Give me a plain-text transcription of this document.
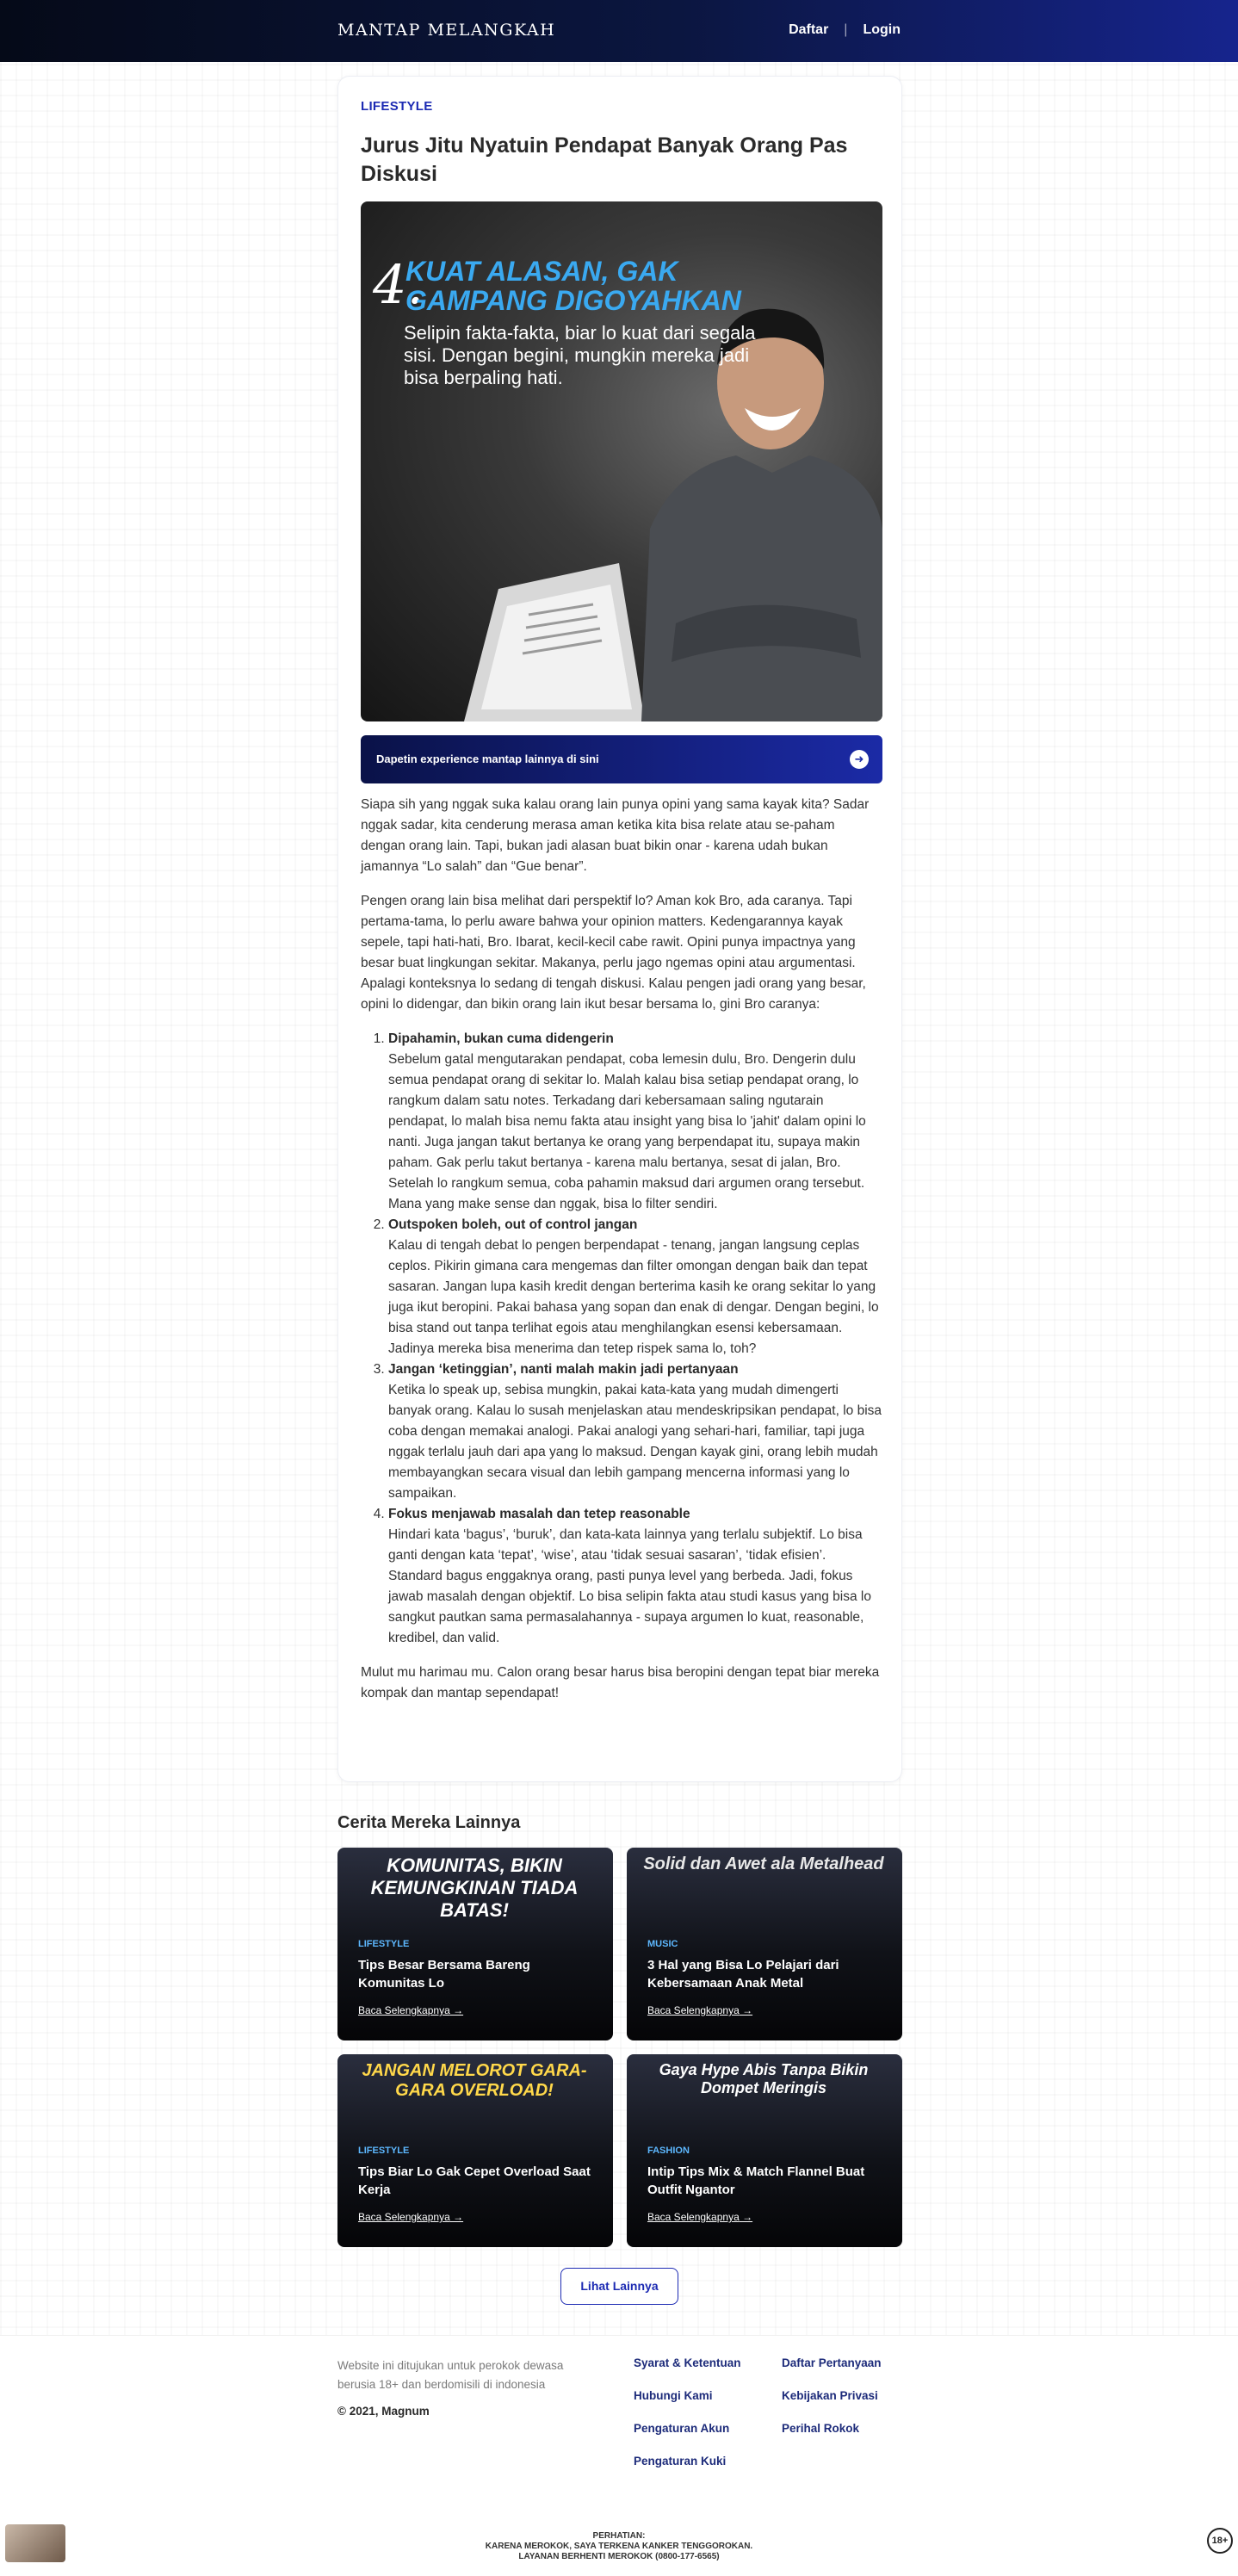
MANTAP MELANGKAH	Daftar | Login
LIFESTYLE
Jurus Jitu Nyatuin Pendapat Banyak Orang Pas Diskusi
4.
KUAT ALASAN, GAK GAMPANG DIGOYAHKAN
Selipin fakta-fakta, biar lo kuat dari segala sisi. Dengan begini, mungkin mereka jadi bisa berpaling hati.
Dapetin experience mantap lainnya di sini	➜

Siapa sih yang nggak suka kalau orang lain punya opini yang sama kayak kita? Sadar nggak sadar, kita cenderung merasa aman ketika kita bisa relate atau se-paham dengan orang lain. Tapi, bukan jadi alasan buat bikin onar - karena udah bukan jamannya “Lo salah” dan “Gue benar”.

Pengen orang lain bisa melihat dari perspektif lo? Aman kok Bro, ada caranya. Tapi pertama-tama, lo perlu aware bahwa your opinion matters. Kedengarannya kayak sepele, tapi hati-hati, Bro. Ibarat, kecil-kecil cabe rawit. Opini punya impactnya yang besar buat lingkungan sekitar. Makanya, perlu jago ngemas opini atau argumentasi. Apalagi konteksnya lo sedang di tengah diskusi. Kalau pengen jadi orang yang besar, opini lo didengar, dan bikin orang lain ikut besar bersama lo, gini Bro caranya:

1. Dipahamin, bukan cuma didengerin
Sebelum gatal mengutarakan pendapat, coba lemesin dulu, Bro. Dengerin dulu semua pendapat orang di sekitar lo. Malah kalau bisa setiap pendapat orang, lo rangkum dalam satu notes. Terkadang dari kebersamaan saling ngutarain pendapat, lo malah bisa nemu fakta atau insight yang bisa lo 'jahit' dalam opini lo nanti. Juga jangan takut bertanya ke orang yang berpendapat itu, supaya makin paham. Gak perlu takut bertanya - karena malu bertanya, sesat di jalan, Bro. Setelah lo rangkum semua, coba pahamin maksud dari argumen orang tersebut. Mana yang make sense dan nggak, bisa lo filter sendiri.
2. Outspoken boleh, out of control jangan
Kalau di tengah debat lo pengen berpendapat - tenang, jangan langsung ceplas ceplos. Pikirin gimana cara mengemas dan filter omongan dengan baik dan tepat sasaran. Jangan lupa kasih kredit dengan berterima kasih ke orang sekitar lo yang juga ikut beropini. Pakai bahasa yang sopan dan enak di dengar. Dengan begini, lo bisa stand out tanpa terlihat egois atau menghilangkan esensi kebersamaan. Jadinya mereka bisa menerima dan tetep rispek sama lo, toh?
3. Jangan ‘ketinggian’, nanti malah makin jadi pertanyaan
Ketika lo speak up, sebisa mungkin, pakai kata-kata yang mudah dimengerti banyak orang. Kalau lo susah menjelaskan atau mendeskripsikan pendapat, lo bisa coba dengan memakai analogi. Pakai analogi yang sehari-hari, familiar, tapi juga nggak terlalu jauh dari apa yang lo maksud. Dengan kayak gini, orang lebih mudah membayangkan secara visual dan lebih gampang mencerna informasi yang lo sampaikan.
4. Fokus menjawab masalah dan tetep reasonable
Hindari kata ‘bagus’, ‘buruk’, dan kata-kata lainnya yang terlalu subjektif. Lo bisa ganti dengan kata ‘tepat’, ‘wise’, atau ‘tidak sesuai sasaran’, ‘tidak efisien’. Standard bagus enggaknya orang, pasti punya level yang berbeda. Jadi, fokus jawab masalah dengan objektif. Lo bisa selipin fakta atau studi kasus yang bisa lo sangkut pautkan sama permasalahannya - supaya argumen lo kuat, reasonable, kredibel, dan valid.

Mulut mu harimau mu. Calon orang besar harus bisa beropini dengan tepat biar mereka kompak dan mantap sependapat!

Cerita Mereka Lainnya
KOMUNITAS, BIKIN KEMUNGKINAN TIADA BATAS!
LIFESTYLE
Tips Besar Bersama Bareng Komunitas Lo
Baca Selengkapnya →
Solid dan Awet ala Metalhead
MUSIC
3 Hal yang Bisa Lo Pelajari dari Kebersamaan Anak Metal
Baca Selengkapnya →
JANGAN MELOROT GARA-GARA OVERLOAD!
LIFESTYLE
Tips Biar Lo Gak Cepet Overload Saat Kerja
Baca Selengkapnya →
Gaya Hype Abis Tanpa Bikin Dompet Meringis
FASHION
Intip Tips Mix & Match Flannel Buat Outfit Ngantor
Baca Selengkapnya →
Lihat Lainnya
Website ini ditujukan untuk perokok dewasa berusia 18+ dan berdomisili di indonesia
© 2021, Magnum
Syarat & Ketentuan	Daftar Pertanyaan
Hubungi Kami	Kebijakan Privasi
Pengaturan Akun	Perihal Rokok
Pengaturan Kuki
PERHATIAN:
KARENA MEROKOK, SAYA TERKENA KANKER TENGGOROKAN.
LAYANAN BERHENTI MEROKOK (0800-177-6565)
18+
